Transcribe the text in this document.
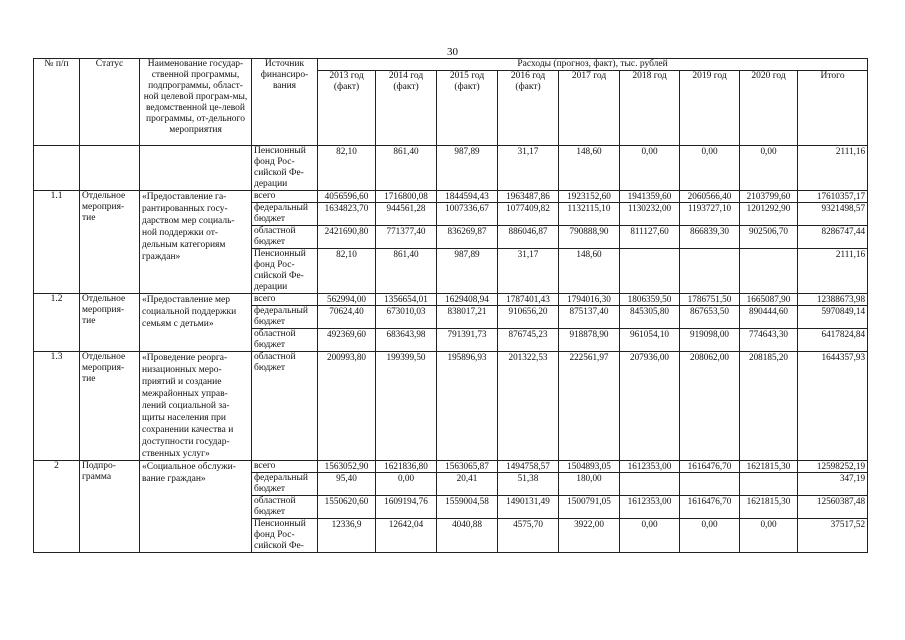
30
№ п/п	Статус	Наименование государ-ственной программы, подпрограммы, област-ной целевой програм-мы, ведомственной це-левой программы, от-дельного мероприятия	Источник финансиро-вания	Расходы (прогноз, факт), тыс. рублей								
				2013 год (факт)	2014 год (факт)	2015 год (факт)	2016 год (факт)	2017 год	2018 год	2019 год	2020 год	Итого

			Пенсионный фонд Рос-сийской Фе-дерации	82,10	861,40	987,89	31,17	148,60	0,00	0,00	0,00	2111,16
1.1	Отдельное мероприя-тие	«Предоставление га-рантированных госу-дарством мер социаль-ной поддержки от-дельным категориям граждан»	всего	4056596,60	1716800,08	1844594,43	1963487,86	1923152,60	1941359,60	2060566,40	2103799,60	17610357,17
			федеральный бюджет	1634823,70	944561,28	1007336,67	1077409,82	1132115,10	1130232,00	1193727,10	1201292,90	9321498,57
			областной бюджет	2421690,80	771377,40	836269,87	886046,87	790888,90	811127,60	866839,30	902506,70	8286747,44
			Пенсионный фонд Рос-сийской Фе-дерации	82,10	861,40	987,89	31,17	148,60				2111,16
1.2	Отдельное мероприя-тие	«Предоставление мер социальной поддержки семьям с детьми»	всего	562994,00	1356654,01	1629408,94	1787401,43	1794016,30	1806359,50	1786751,50	1665087,90	12388673,98
			федеральный бюджет	70624,40	673010,03	838017,21	910656,20	875137,40	845305,80	867653,50	890444,60	5970849,14
			областной бюджет	492369,60	683643,98	791391,73	876745,23	918878,90	961054,10	919098,00	774643,30	6417824,84
1.3	Отдельное мероприя-тие	«Проведение реорга-низационных меро-приятий и создание межрайонных управ-лений социальной за-щиты населения при сохранении качества и доступности государ-ственных услуг»	областной бюджет	200993,80	199399,50	195896,93	201322,53	222561,97	207936,00	208062,00	208185,20	1644357,93
2	Подпро-грамма	«Социальное обслужи-вание граждан»	всего	1563052,90	1621836,80	1563065,87	1494758,57	1504893,05	1612353,00	1616476,70	1621815,30	12598252,19
			федеральный бюджет	95,40	0,00	20,41	51,38	180,00				347,19
			областной бюджет	1550620,60	1609194,76	1559004,58	1490131,49	1500791,05	1612353,00	1616476,70	1621815,30	12560387,48
			Пенсионный фонд Рос-сийской Фе-	12336,9	12642,04	4040,88	4575,70	3922,00	0,00	0,00	0,00	37517,52
